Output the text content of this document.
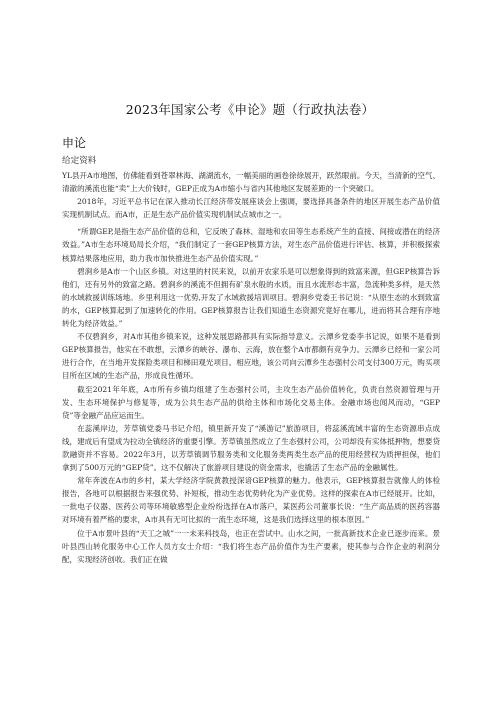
2023年国家公考《申论》题（行政执法卷）
申论
给定资料

YL县开A市地图，仿佛能看到苍翠林海、湖湖流水，一幅美丽的画卷徐徐展开，跃然眼前。今天，当清新的空气、清澈的溪流也能“卖”上大价钱时，GEP正成为A市缩小与省内其他地区发展差距的一个突破口。

2018年，习近平总书记在深入推动长江经济带发展座谈会上强调，要选择具备条件的地区开展生态产品价值实现机制试点。而A市，正是生态产品价值实现机制试点城市之一。

“所谓GEP,是指生态产品价值的总和，它反映了森林、湿地和农田等生态系统产生的直接、间接或潜在的经济效益。”A市生态环境局局长介绍，“我们制定了一套GEP核算方法，对生态产品价值进行评估、核算，并积极探索核算结果落地应用，助力我市加快推进生态产品价值实现。”

碧涧乡是A市一个山区乡镇。对这里的村民来说，以前开农家乐是可以想象得到的致富来源，但GEP核算告诉他们，还有另外的致富之路。碧涧乡的溪流不但拥有矿泉水般的水质，而且水流形态丰富，急流种类多样，是天然的水域救援训练场地。乡里利用这一优势,开发了水域救援培训项目。碧涧乡党委王书记说：“从原生态的水到致富的水，GEP核算起到了加速转化的作用。GEP核算报告让我们知道生态资源究竟好在哪儿，进而将其合理有序地转化为经济效益。”

不仅碧涧乡，对A市其他乡镇来说，这种发展思路都具有实际指导意义。云潭乡党委李书记说，如果不是看到GEP核算报告，他实在不敢想，云潭乡的峡谷、瀑布、云海，放在整个A市都颇有竞争力。云潭乡已经和一家公司进行合作，在当地开发探险类项目和梯田观光项目。相应地，该公司向云潭乡生态强村公司支付300万元，购买项目所在区域的生态产品，形成良性循环。

截至2021年年底，A市所有乡镇均组建了生态强村公司，主攻生态产品价值转化，负责自然资源管理与开发、生态环境保护与修复等，成为公共生态产品的供给主体和市场化交易主体。金融市场也闻风而动，“GEP贷”等金融产品应运而生。

在蕊溪岸边，芳草镇党委马书记介绍，镇里新开发了“溪游记”旅游项目，将蕊溪流域丰富的生态资源串点成线，建成后有望成为拉动全镇经济的重要引擎。芳草镇虽然成立了生态强村公司，公司却没有实体抵押物，想要贷款融资并不容易。2022年3月，以芳草镇调节服务类和文化服务类两类生态产品的使用经营权为质押担保，他们拿到了500万元的“GEP贷”。这不仅解决了旅游项目建设的资金需求，也撬活了生态产品的金融属性。

常年奔波在A市的乡村，某大学经济学院黄教授深谙GEP核算的魅力。他表示，GEP核算报告就像人的体检报告，各地可以根据报告来强优势、补短板，推动生态优势转化为产业优势。这样的探索在A市已经展开。比如，一批电子仪器、医药公司等环境敏感型企业纷纷选择在A市落户，某医药公司董事长说：“生产高品质的医药容器对环境有着严格的要求，A市具有无可比拟的一流生态环境，这是我们选择这里的根本原因。”

位于A市景叶县的“天工之城”一一未来科技岛，也正在尝试中。山水之间，一批高新技术企业已逐步而来。景叶县西山转化服务中心工作人员方女士介绍：“我们将生态产品价值作为生产要素，使其参与合作企业的利润分配，实现经济创收。我们正在做
